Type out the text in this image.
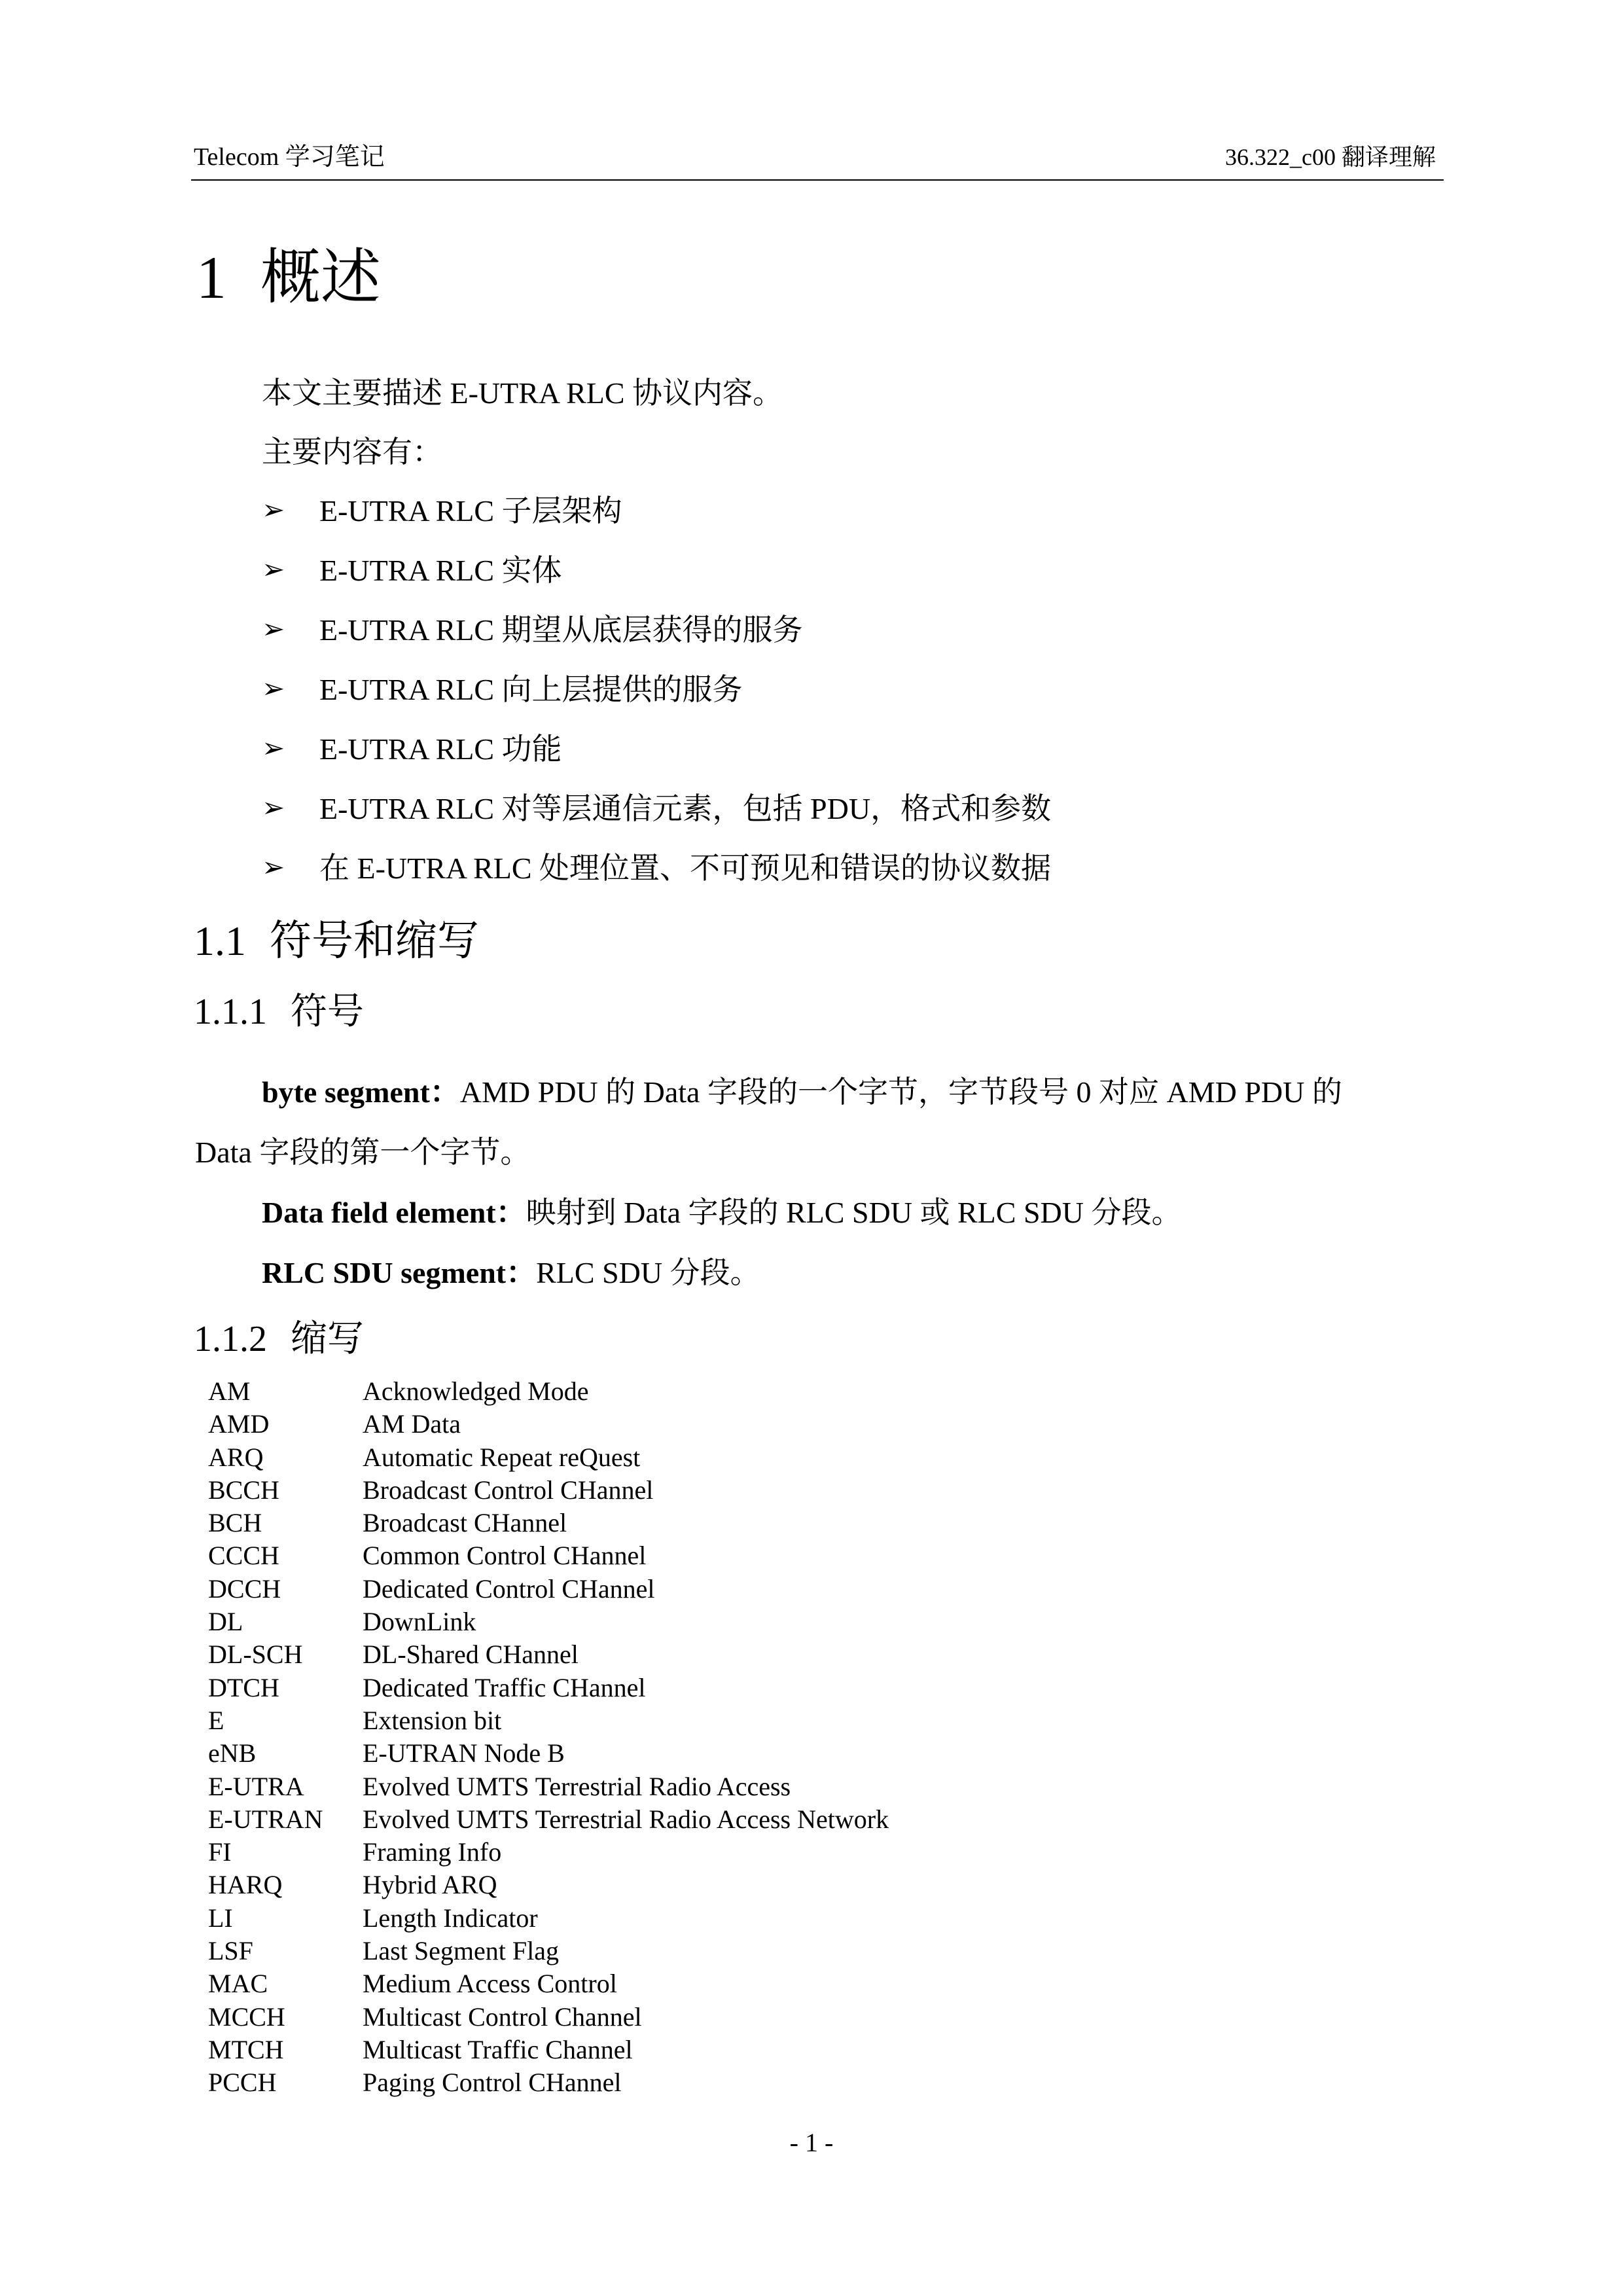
Telecom 学习笔记	36.322_c00 翻译理解
1 概述
本文主要描述 E-UTRA RLC 协议内容。
主要内容有：
➢	E-UTRA RLC 子层架构
➢	E-UTRA RLC 实体
➢	E-UTRA RLC 期望从底层获得的服务
➢	E-UTRA RLC 向上层提供的服务
➢	E-UTRA RLC 功能
➢	E-UTRA RLC 对等层通信元素，包括 PDU，格式和参数
➢	在 E-UTRA RLC 处理位置、不可预见和错误的协议数据
1.1 符号和缩写
1.1.1 符号
byte segment：AMD PDU 的 Data 字段的一个字节，字节段号 0 对应 AMD PDU 的
Data 字段的第一个字节。
Data field element：映射到 Data 字段的 RLC SDU 或 RLC SDU 分段。
RLC SDU segment：RLC SDU 分段。
1.1.2 缩写
AM	Acknowledged Mode
AMD	AM Data
ARQ	Automatic Repeat reQuest
BCCH	Broadcast Control CHannel
BCH	Broadcast CHannel
CCCH	Common Control CHannel
DCCH	Dedicated Control CHannel
DL	DownLink
DL-SCH	DL-Shared CHannel
DTCH	Dedicated Traffic CHannel
E	Extension bit
eNB	E-UTRAN Node B
E-UTRA	Evolved UMTS Terrestrial Radio Access
E-UTRAN	Evolved UMTS Terrestrial Radio Access Network
FI	Framing Info
HARQ	Hybrid ARQ
LI	Length Indicator
LSF	Last Segment Flag
MAC	Medium Access Control
MCCH	Multicast Control Channel
MTCH	Multicast Traffic Channel
PCCH	Paging Control CHannel
- 1 -
